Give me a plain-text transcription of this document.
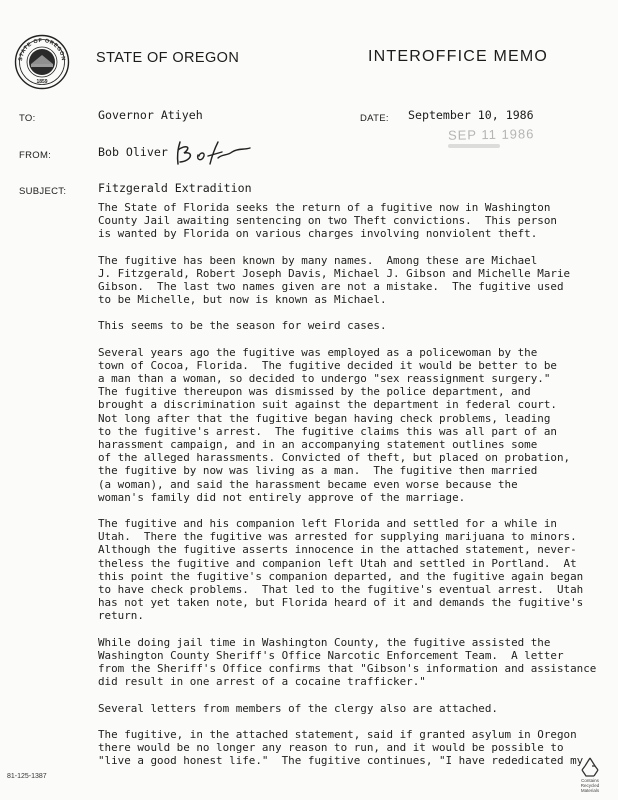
STATE OF OREGON
1859
STATE OF OREGON	INTEROFFICE MEMO
TO:	Governor Atiyeh	DATE: September 10, 1986
SEP 11 1986
FROM:	Bob Oliver
SUBJECT:	Fitzgerald Extradition

The State of Florida seeks the return of a fugitive now in Washington
County Jail awaiting sentencing on two Theft convictions.  This person
is wanted by Florida on various charges involving nonviolent theft.

The fugitive has been known by many names.  Among these are Michael
J. Fitzgerald, Robert Joseph Davis, Michael J. Gibson and Michelle Marie
Gibson.  The last two names given are not a mistake.  The fugitive used
to be Michelle, but now is known as Michael.

This seems to be the season for weird cases.

Several years ago the fugitive was employed as a policewoman by the
town of Cocoa, Florida.  The fugitive decided it would be better to be
a man than a woman, so decided to undergo "sex reassignment surgery."
The fugitive thereupon was dismissed by the police department, and
brought a discrimination suit against the department in federal court.
Not long after that the fugitive began having check problems, leading
to the fugitive's arrest.  The fugitive claims this was all part of an
harassment campaign, and in an accompanying statement outlines some
of the alleged harassments. Convicted of theft, but placed on probation,
the fugitive by now was living as a man.  The fugitive then married
(a woman), and said the harassment became even worse because the
woman's family did not entirely approve of the marriage.

The fugitive and his companion left Florida and settled for a while in
Utah.  There the fugitive was arrested for supplying marijuana to minors.
Although the fugitive asserts innocence in the attached statement, never-
theless the fugitive and companion left Utah and settled in Portland.  At
this point the fugitive's companion departed, and the fugitive again began
to have check problems.  That led to the fugitive's eventual arrest.  Utah
has not yet taken note, but Florida heard of it and demands the fugitive's
return.

While doing jail time in Washington County, the fugitive assisted the
Washington County Sheriff's Office Narcotic Enforcement Team.  A letter
from the Sheriff's Office confirms that "Gibson's information and assistance
did result in one arrest of a cocaine trafficker."

Several letters from members of the clergy also are attached.

The fugitive, in the attached statement, said if granted asylum in Oregon
there would be no longer any reason to run, and it would be possible to
"live a good honest life."  The fugitive continues, "I have rededicated my

81-125-1387
Contains
Recycled
Materials
